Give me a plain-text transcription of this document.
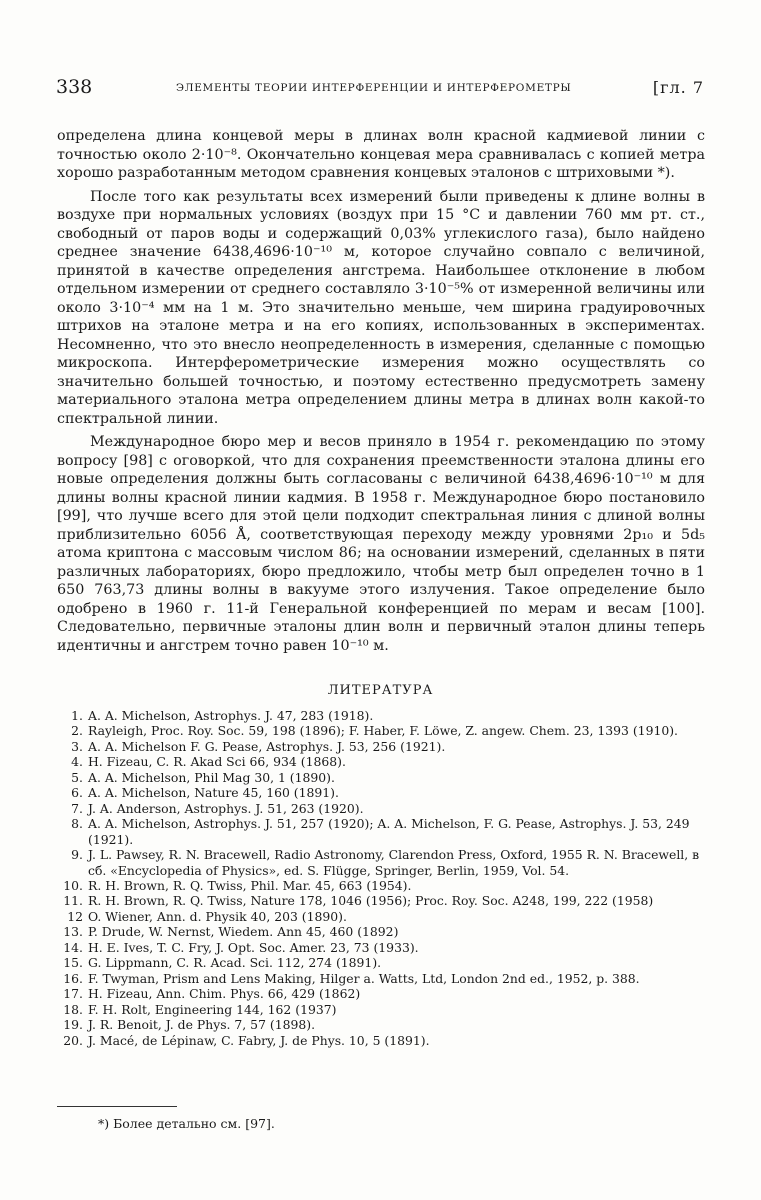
338	ЭЛЕМЕНТЫ ТЕОРИИ ИНТЕРФЕРЕНЦИИ И ИНТЕРФЕРОМЕТРЫ	[гл. 7

определена длина концевой меры в длинах волн красной кадмиевой линии с точностью около 2·10⁻⁸. Окончательно концевая мера сравнивалась с копией метра хорошо разработанным методом сравнения концевых эталонов с штриховыми *).

После того как результаты всех измерений были приведены к длине волны в воздухе при нормальных условиях (воздух при 15 °С и давлении 760 мм рт. ст., свободный от паров воды и содержащий 0,03% углекислого газа), было найдено среднее значение 6438,4696·10⁻¹⁰ м, которое случайно совпало с величиной, принятой в качестве определения ангстрема. Наибольшее отклонение в любом отдельном измерении от среднего составляло 3·10⁻⁵% от измеренной величины или около 3·10⁻⁴ мм на 1 м. Это значительно меньше, чем ширина градуировочных штрихов на эталоне метра и на его копиях, использованных в экспериментах. Несомненно, что это внесло неопределенность в измерения, сделанные с помощью микроскопа. Интерферометрические измерения можно осуществлять со значительно большей точностью, и поэтому естественно предусмотреть замену материального эталона метра определением длины метра в длинах волн какой-то спектральной линии.

Международное бюро мер и весов приняло в 1954 г. рекомендацию по этому вопросу [98] с оговоркой, что для сохранения преемственности эталона длины его новые определения должны быть согласованы с величиной 6438,4696·10⁻¹⁰ м для длины волны красной линии кадмия. В 1958 г. Международное бюро постановило [99], что лучше всего для этой цели подходит спектральная линия с длиной волны приблизительно 6056 Å, соответствующая переходу между уровнями 2p₁₀ и 5d₅ атома криптона с массовым числом 86; на основании измерений, сделанных в пяти различных лабораториях, бюро предложило, чтобы метр был определен точно в 1 650 763,73 длины волны в вакууме этого излучения. Такое определение было одобрено в 1960 г. 11-й Генеральной конференцией по мерам и весам [100]. Следовательно, первичные эталоны длин волн и первичный эталон длины теперь идентичны и ангстрем точно равен 10⁻¹⁰ м.

ЛИТЕРАТУРА
1. A. A. Michelson, Astrophys. J. 47, 283 (1918).
2. Rayleigh, Proc. Roy. Soc. 59, 198 (1896); F. Haber, F. Löwe, Z. angew. Chem. 23, 1393 (1910).
3. A. A. Michelson F. G. Pease, Astrophys. J. 53, 256 (1921).
4. H. Fizeau, C. R. Akad Sci 66, 934 (1868).
5. A. A. Michelson, Phil Mag 30, 1 (1890).
6. A. A. Michelson, Nature 45, 160 (1891).
7. J. A. Anderson, Astrophys. J. 51, 263 (1920).
8. A. A. Michelson, Astrophys. J. 51, 257 (1920); A. A. Michelson, F. G. Pease, Astrophys. J. 53, 249 (1921).
9. J. L. Pawsey, R. N. Bracewell, Radio Astronomy, Clarendon Press, Oxford, 1955 R. N. Bracewell, в сб. «Encyclopedia of Physics», ed. S. Flügge, Springer, Berlin, 1959, Vol. 54.
10. R. H. Brown, R. Q. Twiss, Phil. Mar. 45, 663 (1954).
11. R. H. Brown, R. Q. Twiss, Nature 178, 1046 (1956); Proc. Roy. Soc. A248, 199, 222 (1958)
12 O. Wiener, Ann. d. Physik 40, 203 (1890).
13. P. Drude, W. Nernst, Wiedem. Ann 45, 460 (1892)
14. H. E. Ives, T. C. Fry, J. Opt. Soc. Amer. 23, 73 (1933).
15. G. Lippmann, C. R. Acad. Sci. 112, 274 (1891).
16. F. Twyman, Prism and Lens Making, Hilger a. Watts, Ltd, London 2nd ed., 1952, p. 388.
17. H. Fizeau, Ann. Chim. Phys. 66, 429 (1862)
18. F. H. Rolt, Engineering 144, 162 (1937)
19. J. R. Benoit, J. de Phys. 7, 57 (1898).
20. J. Macé, de Lépinaw, C. Fabry, J. de Phys. 10, 5 (1891).
*) Более детально см. [97].
